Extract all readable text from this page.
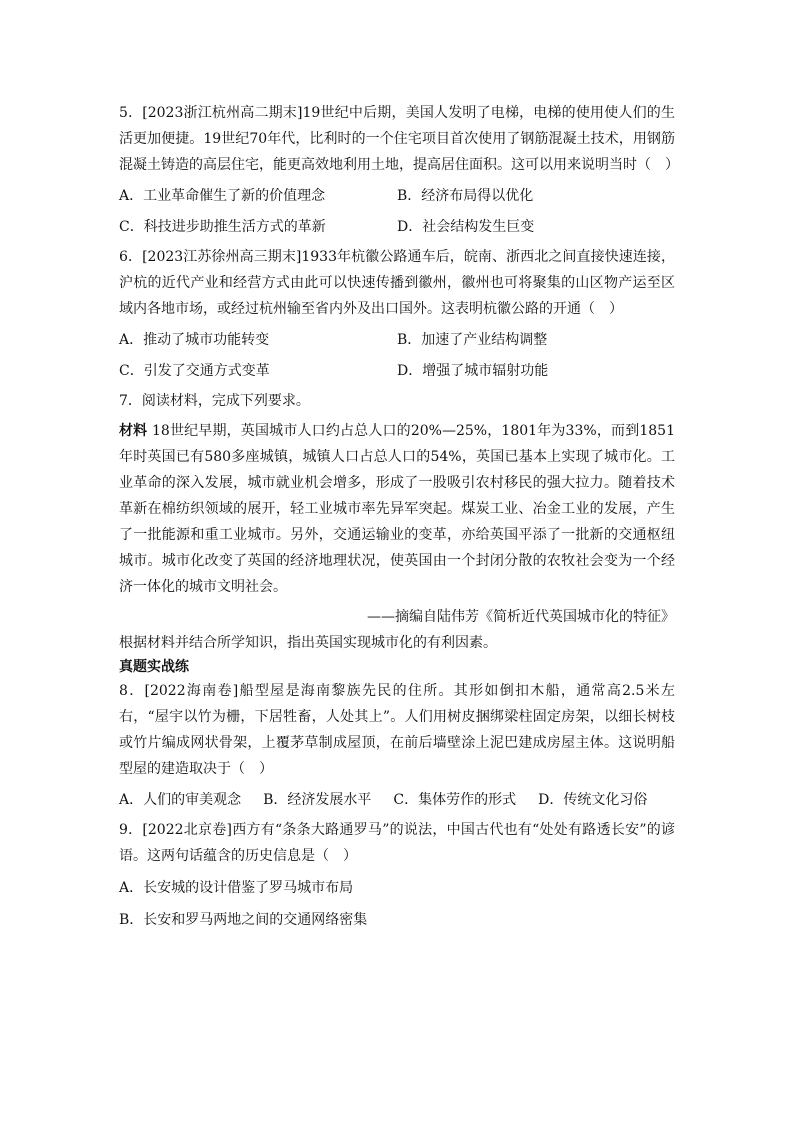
5．[2023浙江杭州高二期末]19世纪中后期，美国人发明了电梯，电梯的使用使人们的生活更加便捷。19世纪70年代，比利时的一个住宅项目首次使用了钢筋混凝土技术，用钢筋混凝土铸造的高层住宅，能更高效地利用土地，提高居住面积。这可以用来说明当时（　）

A．工业革命催生了新的价值理念	B．经济布局得以优化
C．科技进步助推生活方式的革新	D．社会结构发生巨变

6．[2023江苏徐州高三期末]1933年杭徽公路通车后，皖南、浙西北之间直接快速连接，沪杭的近代产业和经营方式由此可以快速传播到徽州，徽州也可将聚集的山区物产运至区域内各地市场，或经过杭州输至省内外及出口国外。这表明杭徽公路的开通（　）

A．推动了城市功能转变	B．加速了产业结构调整
C．引发了交通方式变革	D．增强了城市辐射功能

7．阅读材料，完成下列要求。

材料 18世纪早期，英国城市人口约占总人口的20%—25%，1801年为33%，而到1851年时英国已有580多座城镇，城镇人口占总人口的54%，英国已基本上实现了城市化。工业革命的深入发展，城市就业机会增多，形成了一股吸引农村移民的强大拉力。随着技术革新在棉纺织领域的展开，轻工业城市率先异军突起。煤炭工业、冶金工业的发展，产生了一批能源和重工业城市。另外，交通运输业的变革，亦给英国平添了一批新的交通枢纽城市。城市化改变了英国的经济地理状况，使英国由一个封闭分散的农牧社会变为一个经济一体化的城市文明社会。

——摘编自陆伟芳《简析近代英国城市化的特征》

根据材料并结合所学知识，指出英国实现城市化的有利因素。

真题实战练

8．[2022海南卷]船型屋是海南黎族先民的住所。其形如倒扣木船，通常高2.5米左右，“屋宇以竹为栅，下居牲畜，人处其上”。人们用树皮捆绑梁柱固定房架，以细长树枝或竹片编成网状骨架，上覆茅草制成屋顶，在前后墙壁涂上泥巴建成房屋主体。这说明船型屋的建造取决于（　）

A．人们的审美观念 B．经济发展水平 C．集体劳作的形式 D．传统文化习俗

9．[2022北京卷]西方有“条条大路通罗马”的说法，中国古代也有“处处有路透长安”的谚语。这两句话蕴含的历史信息是（　）

A．长安城的设计借鉴了罗马城市布局
B．长安和罗马两地之间的交通网络密集
